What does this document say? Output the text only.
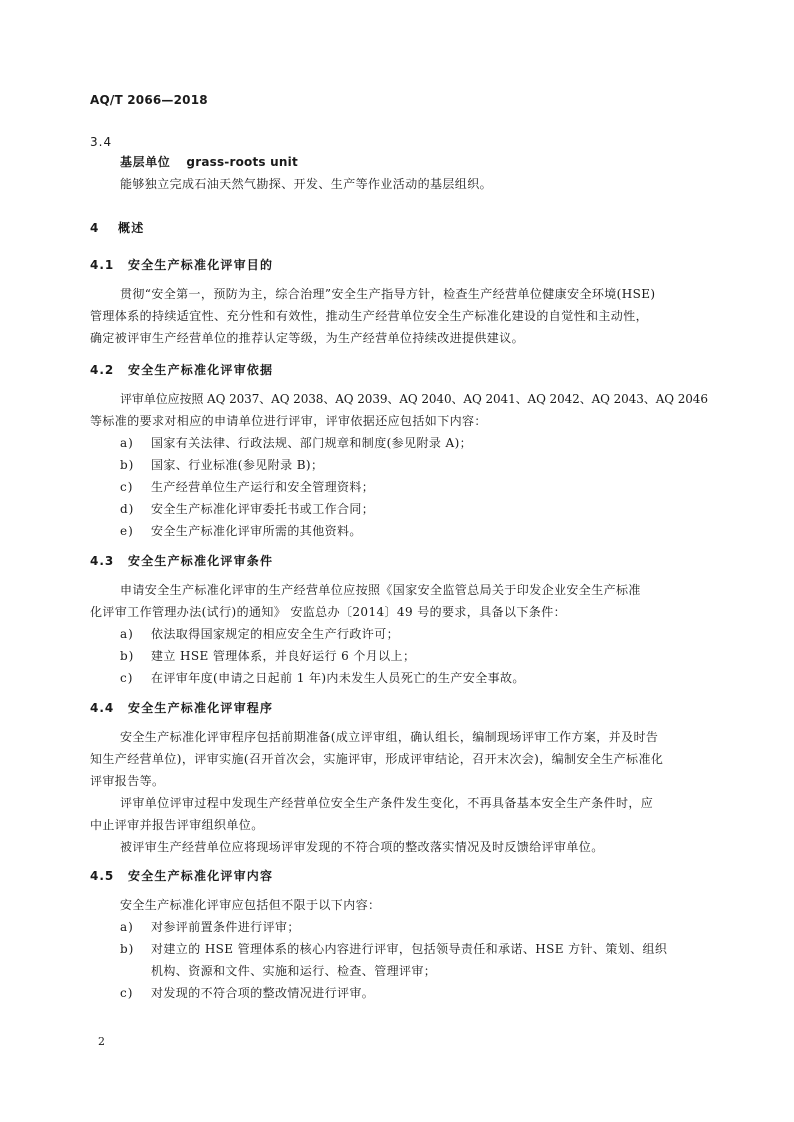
AQ/T 2066—2018
3.4
基层单位 grass-roots unit
能够独立完成石油天然气勘探、开发、生产等作业活动的基层组织。
4 概述
4.1 安全生产标准化评审目的
贯彻“安全第一，预防为主，综合治理”安全生产指导方针，检查生产经营单位健康安全环境(HSE)
管理体系的持续适宜性、充分性和有效性，推动生产经营单位安全生产标准化建设的自觉性和主动性，
确定被评审生产经营单位的推荐认定等级，为生产经营单位持续改进提供建议。
4.2 安全生产标准化评审依据
评审单位应按照 AQ 2037、AQ 2038、AQ 2039、AQ 2040、AQ 2041、AQ 2042、AQ 2043、AQ 2046
等标准的要求对相应的申请单位进行评审，评审依据还应包括如下内容：
a) 国家有关法律、行政法规、部门规章和制度(参见附录 A)；
b) 国家、行业标准(参见附录 B)；
c) 生产经营单位生产运行和安全管理资料；
d) 安全生产标准化评审委托书或工作合同；
e) 安全生产标准化评审所需的其他资料。
4.3 安全生产标准化评审条件
申请安全生产标准化评审的生产经营单位应按照《国家安全监管总局关于印发企业安全生产标准
化评审工作管理办法(试行)的通知》 安监总办〔2014〕49 号的要求，具备以下条件：
a) 依法取得国家规定的相应安全生产行政许可；
b) 建立 HSE 管理体系，并良好运行 6 个月以上；
c) 在评审年度(申请之日起前 1 年)内未发生人员死亡的生产安全事故。
4.4 安全生产标准化评审程序
安全生产标准化评审程序包括前期准备(成立评审组，确认组长，编制现场评审工作方案，并及时告
知生产经营单位)，评审实施(召开首次会，实施评审，形成评审结论，召开末次会)，编制安全生产标准化
评审报告等。
评审单位评审过程中发现生产经营单位安全生产条件发生变化，不再具备基本安全生产条件时，应
中止评审并报告评审组织单位。
被评审生产经营单位应将现场评审发现的不符合项的整改落实情况及时反馈给评审单位。
4.5 安全生产标准化评审内容
安全生产标准化评审应包括但不限于以下内容：
a) 对参评前置条件进行评审；
b) 对建立的 HSE 管理体系的核心内容进行评审，包括领导责任和承诺、HSE 方针、策划、组织
机构、资源和文件、实施和运行、检查、管理评审；
c) 对发现的不符合项的整改情况进行评审。
2
